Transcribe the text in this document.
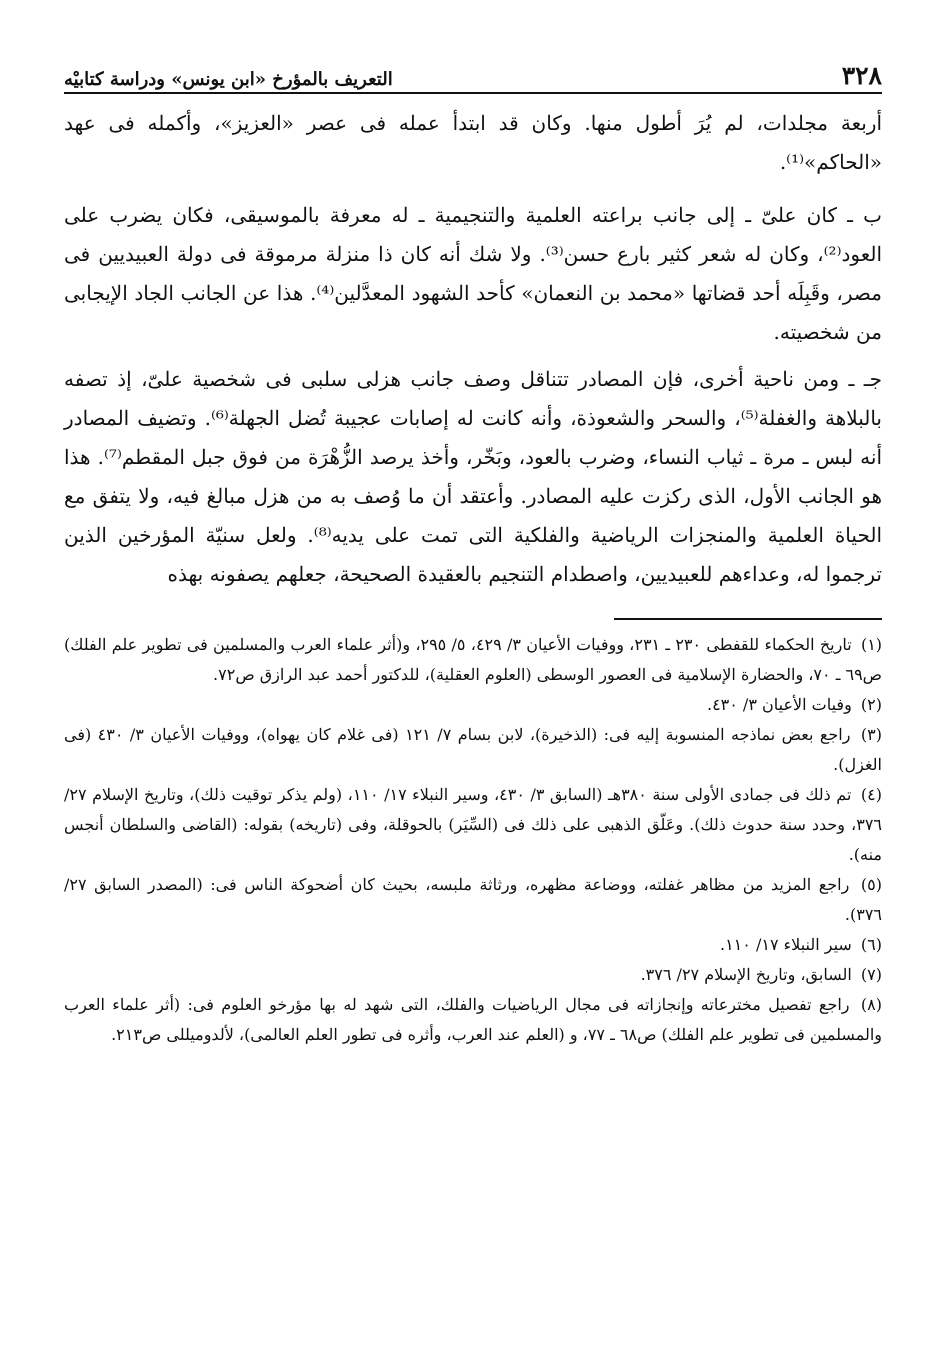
٣٢٨
التعريف بالمؤرخ «ابن يونس» ودراسة كتابيْه

أربعة مجلدات، لم يُرَ أطول منها. وكان قد ابتدأ عمله فى عصر «العزيز»، وأكمله فى عهد «الحاكم»⁽¹⁾.

ب ـ كان علىّ ـ إلى جانب براعته العلمية والتنجيمية ـ له معرفة بالموسيقى، فكان يضرب على العود⁽²⁾، وكان له شعر كثير بارع حسن⁽³⁾. ولا شك أنه كان ذا منزلة مرموقة فى دولة العبيديين فى مصر، وقَبِلَه أحد قضاتها «محمد بن النعمان» كأحد الشهود المعدَّلين⁽⁴⁾. هذا عن الجانب الجاد الإيجابى من شخصيته.

جـ ـ ومن ناحية أخرى، فإن المصادر تتناقل وصف جانب هزلى سلبى فى شخصية علىّ، إذ تصفه بالبلاهة والغفلة⁽⁵⁾، والسحر والشعوذة، وأنه كانت له إصابات عجيبة تُضل الجهلة⁽⁶⁾. وتضيف المصادر أنه لبس ـ مرة ـ ثياب النساء، وضرب بالعود، وبَخّر، وأخذ يرصد الزُّهْرَة من فوق جبل المقطم⁽⁷⁾. هذا هو الجانب الأول، الذى ركزت عليه المصادر. وأعتقد أن ما وُصف به من هزل مبالغ فيه، ولا يتفق مع الحياة العلمية والمنجزات الرياضية والفلكية التى تمت على يديه⁽⁸⁾. ولعل سنيّة المؤرخين الذين ترجموا له، وعداءهم للعبيديين، واصطدام التنجيم بالعقيدة الصحيحة، جعلهم يصفونه بهذه

(١) تاريخ الحكماء للقفطى ٢٣٠ ـ ٢٣١، ووفيات الأعيان ٣/ ٤٢٩، ٥/ ٢٩٥، و(أثر علماء العرب والمسلمين فى تطوير علم الفلك) ص٦٩ ـ ٧٠، والحضارة الإسلامية فى العصور الوسطى (العلوم العقلية)، للدكتور أحمد عبد الرازق ص٧٢.
(٢) وفيات الأعيان ٣/ ٤٣٠.
(٣) راجع بعض نماذجه المنسوبة إليه فى: (الذخيرة)، لابن بسام ٧/ ١٢١ (فى غلام كان يهواه)، ووفيات الأعيان ٣/ ٤٣٠ (فى الغزل).
(٤) تم ذلك فى جمادى الأولى سنة ٣٨٠هـ (السابق ٣/ ٤٣٠، وسير النبلاء ١٧/ ١١٠، (ولم يذكر توقيت ذلك)، وتاريخ الإسلام ٢٧/ ٣٧٦، وحدد سنة حدوث ذلك). وعَلّق الذهبى على ذلك فى (السِّيَر) بالحوقلة، وفى (تاريخه) بقوله: (القاضى والسلطان أنجس منه).
(٥) راجع المزيد من مظاهر غفلته، ووضاعة مظهره، ورثاثة ملبسه، بحيث كان أضحوكة الناس فى: (المصدر السابق ٢٧/ ٣٧٦).
(٦) سير النبلاء ١٧/ ١١٠.
(٧) السابق، وتاريخ الإسلام ٢٧/ ٣٧٦.
(٨) راجع تفصيل مخترعاته وإنجازاته فى مجال الرياضيات والفلك، التى شهد له بها مؤرخو العلوم فى: (أثر علماء العرب والمسلمين فى تطوير علم الفلك) ص٦٨ ـ ٧٧، و (العلم عند العرب، وأثره فى تطور العلم العالمى)، لألدوميللى ص٢١٣.
